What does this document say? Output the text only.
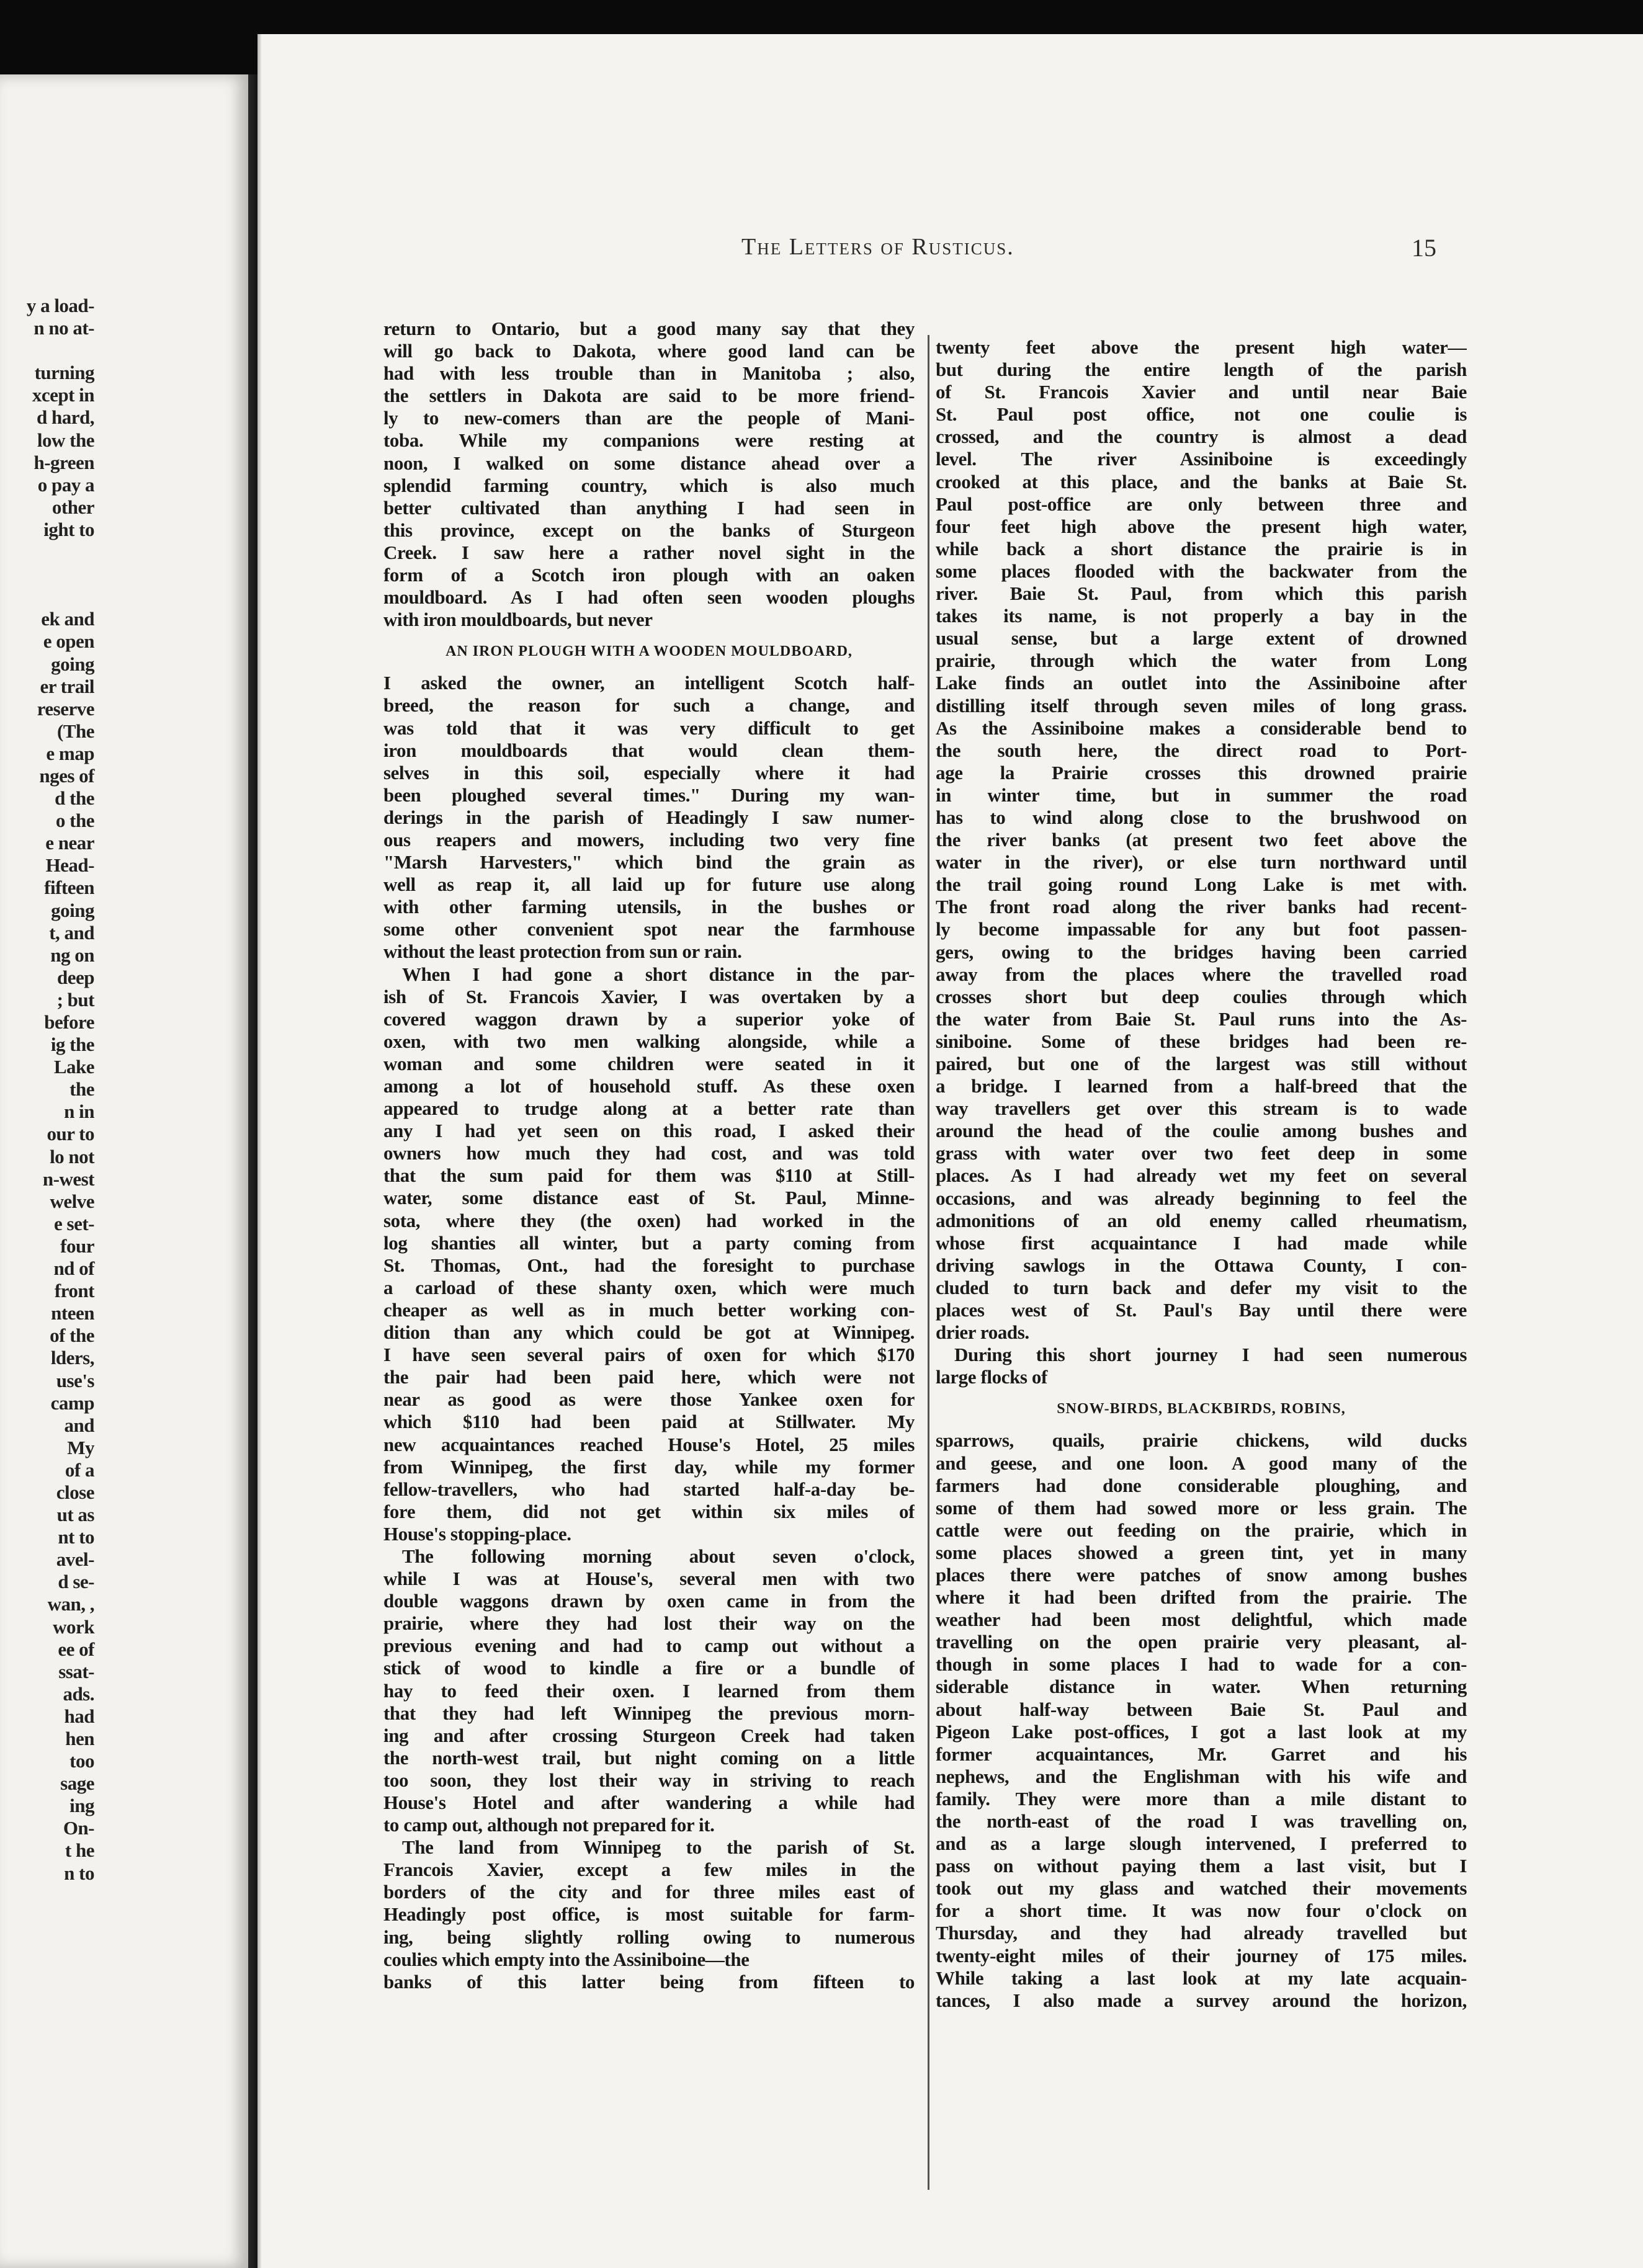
y a load-
n no at-
turning
xcept in
d hard,
low the
h-green
o pay a
other
ight to
ek and
e open
going
er trail
reserve
(The
e map
nges of
d the
o the
e near
Head-
fifteen
going
t, and
ng on
deep
; but
before
ig the
Lake
the
n in
our to
lo not
n-west
welve
e set-
four
nd of
front
nteen
of the
lders,
use's
camp
and
My
of a
close
ut as
nt to
avel-
d se-
wan, ,
work
ee of
ssat-
ads.
had
hen
too
sage
ing
On-
t he
n to
The Letters of Rusticus.	15
return to Ontario, but a good many say that they
will go back to Dakota, where good land can be
had with less trouble than in Manitoba ; also,
the settlers in Dakota are said to be more friend-
ly to new-comers than are the people of Mani-
toba. While my companions were resting at
noon, I walked on some distance ahead over a
splendid farming country, which is also much
better cultivated than anything I had seen in
this province, except on the banks of Sturgeon
Creek. I saw here a rather novel sight in the
form of a Scotch iron plough with an oaken
mouldboard. As I had often seen wooden ploughs
with iron mouldboards, but never
AN IRON PLOUGH WITH A WOODEN MOULDBOARD,
I asked the owner, an intelligent Scotch half-
breed, the reason for such a change, and
was told that it was very difficult to get
iron mouldboards that would clean them-
selves in this soil, especially where it had
been ploughed several times." During my wan-
derings in the parish of Headingly I saw numer-
ous reapers and mowers, including two very fine
"Marsh Harvesters," which bind the grain as
well as reap it, all laid up for future use along
with other farming utensils, in the bushes or
some other convenient spot near the farmhouse
without the least protection from sun or rain.
When I had gone a short distance in the par-
ish of St. Francois Xavier, I was overtaken by a
covered waggon drawn by a superior yoke of
oxen, with two men walking alongside, while a
woman and some children were seated in it
among a lot of household stuff. As these oxen
appeared to trudge along at a better rate than
any I had yet seen on this road, I asked their
owners how much they had cost, and was told
that the sum paid for them was $110 at Still-
water, some distance east of St. Paul, Minne-
sota, where they (the oxen) had worked in the
log shanties all winter, but a party coming from
St. Thomas, Ont., had the foresight to purchase
a carload of these shanty oxen, which were much
cheaper as well as in much better working con-
dition than any which could be got at Winnipeg.
I have seen several pairs of oxen for which $170
the pair had been paid here, which were not
near as good as were those Yankee oxen for
which $110 had been paid at Stillwater. My
new acquaintances reached House's Hotel, 25 miles
from Winnipeg, the first day, while my former
fellow-travellers, who had started half-a-day be-
fore them, did not get within six miles of
House's stopping-place.
The following morning about seven o'clock,
while I was at House's, several men with two
double waggons drawn by oxen came in from the
prairie, where they had lost their way on the
previous evening and had to camp out without a
stick of wood to kindle a fire or a bundle of
hay to feed their oxen. I learned from them
that they had left Winnipeg the previous morn-
ing and after crossing Sturgeon Creek had taken
the north-west trail, but night coming on a little
too soon, they lost their way in striving to reach
House's Hotel and after wandering a while had
to camp out, although not prepared for it.
The land from Winnipeg to the parish of St.
Francois Xavier, except a few miles in the
borders of the city and for three miles east of
Headingly post office, is most suitable for farm-
ing, being slightly rolling owing to numerous
coulies which empty into the Assiniboine—the
banks of this latter being from fifteen to
twenty feet above the present high water—
but during the entire length of the parish
of St. Francois Xavier and until near Baie
St. Paul post office, not one coulie is
crossed, and the country is almost a dead
level. The river Assiniboine is exceedingly
crooked at this place, and the banks at Baie St.
Paul post-office are only between three and
four feet high above the present high water,
while back a short distance the prairie is in
some places flooded with the backwater from the
river. Baie St. Paul, from which this parish
takes its name, is not properly a bay in the
usual sense, but a large extent of drowned
prairie, through which the water from Long
Lake finds an outlet into the Assiniboine after
distilling itself through seven miles of long grass.
As the Assiniboine makes a considerable bend to
the south here, the direct road to Port-
age la Prairie crosses this drowned prairie
in winter time, but in summer the road
has to wind along close to the brushwood on
the river banks (at present two feet above the
water in the river), or else turn northward until
the trail going round Long Lake is met with.
The front road along the river banks had recent-
ly become impassable for any but foot passen-
gers, owing to the bridges having been carried
away from the places where the travelled road
crosses short but deep coulies through which
the water from Baie St. Paul runs into the As-
siniboine. Some of these bridges had been re-
paired, but one of the largest was still without
a bridge. I learned from a half-breed that the
way travellers get over this stream is to wade
around the head of the coulie among bushes and
grass with water over two feet deep in some
places. As I had already wet my feet on several
occasions, and was already beginning to feel the
admonitions of an old enemy called rheumatism,
whose first acquaintance I had made while
driving sawlogs in the Ottawa County, I con-
cluded to turn back and defer my visit to the
places west of St. Paul's Bay until there were
drier roads.
During this short journey I had seen numerous
large flocks of
SNOW-BIRDS, BLACKBIRDS, ROBINS,
sparrows, quails, prairie chickens, wild ducks
and geese, and one loon. A good many of the
farmers had done considerable ploughing, and
some of them had sowed more or less grain. The
cattle were out feeding on the prairie, which in
some places showed a green tint, yet in many
places there were patches of snow among bushes
where it had been drifted from the prairie. The
weather had been most delightful, which made
travelling on the open prairie very pleasant, al-
though in some places I had to wade for a con-
siderable distance in water. When returning
about half-way between Baie St. Paul and
Pigeon Lake post-offices, I got a last look at my
former acquaintances, Mr. Garret and his
nephews, and the Englishman with his wife and
family. They were more than a mile distant to
the north-east of the road I was travelling on,
and as a large slough intervened, I preferred to
pass on without paying them a last visit, but I
took out my glass and watched their movements
for a short time. It was now four o'clock on
Thursday, and they had already travelled but
twenty-eight miles of their journey of 175 miles.
While taking a last look at my late acquain-
tances, I also made a survey around the horizon,
